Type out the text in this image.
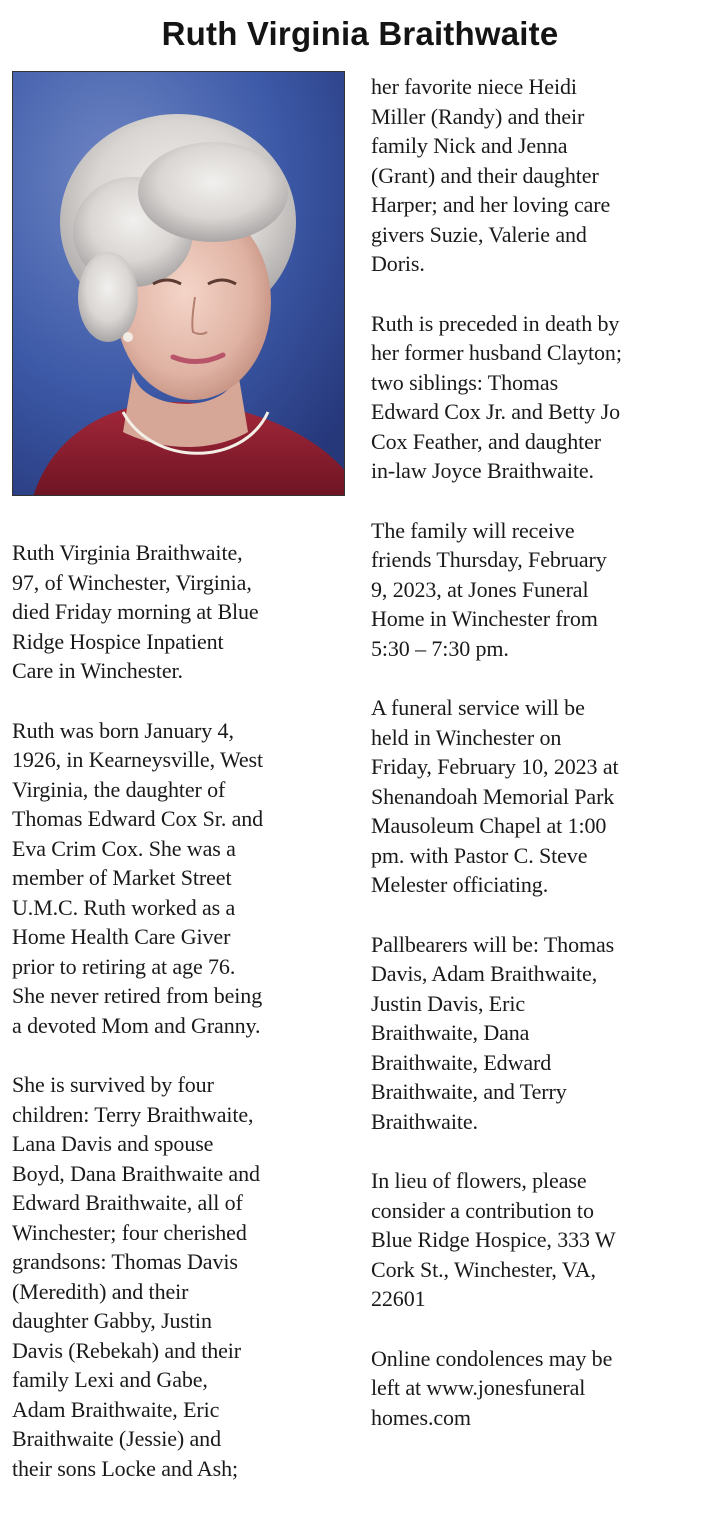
Ruth Virginia Braithwaite

Ruth Virginia Braithwaite,
97, of Winchester, Virginia,
died Friday morning at Blue
Ridge Hospice Inpatient
Care in Winchester.

Ruth was born January 4,
1926, in Kearneysville, West
Virginia, the daughter of
Thomas Edward Cox Sr. and
Eva Crim Cox. She was a
member of Market Street
U.M.C. Ruth worked as a
Home Health Care Giver
prior to retiring at age 76.
She never retired from being
a devoted Mom and Granny.

She is survived by four
children: Terry Braithwaite,
Lana Davis and spouse
Boyd, Dana Braithwaite and
Edward Braithwaite, all of
Winchester; four cherished
grandsons: Thomas Davis
(Meredith) and their
daughter Gabby, Justin
Davis (Rebekah) and their
family Lexi and Gabe,
Adam Braithwaite, Eric
Braithwaite (Jessie) and
their sons Locke and Ash;

her favorite niece Heidi
Miller (Randy) and their
family Nick and Jenna
(Grant) and their daughter
Harper; and her loving care
givers Suzie, Valerie and
Doris.

Ruth is preceded in death by
her former husband Clayton;
two siblings: Thomas
Edward Cox Jr. and Betty Jo
Cox Feather, and daughter
in-law Joyce Braithwaite.

The family will receive
friends Thursday, February
9, 2023, at Jones Funeral
Home in Winchester from
5:30 – 7:30 pm.

A funeral service will be
held in Winchester on
Friday, February 10, 2023 at
Shenandoah Memorial Park
Mausoleum Chapel at 1:00
pm. with Pastor C. Steve
Melester officiating.

Pallbearers will be: Thomas
Davis, Adam Braithwaite,
Justin Davis, Eric
Braithwaite, Dana
Braithwaite, Edward
Braithwaite, and Terry
Braithwaite.

In lieu of flowers, please
consider a contribution to
Blue Ridge Hospice, 333 W
Cork St., Winchester, VA,
22601

Online condolences may be
left at www.jonesfuneral
homes.com
